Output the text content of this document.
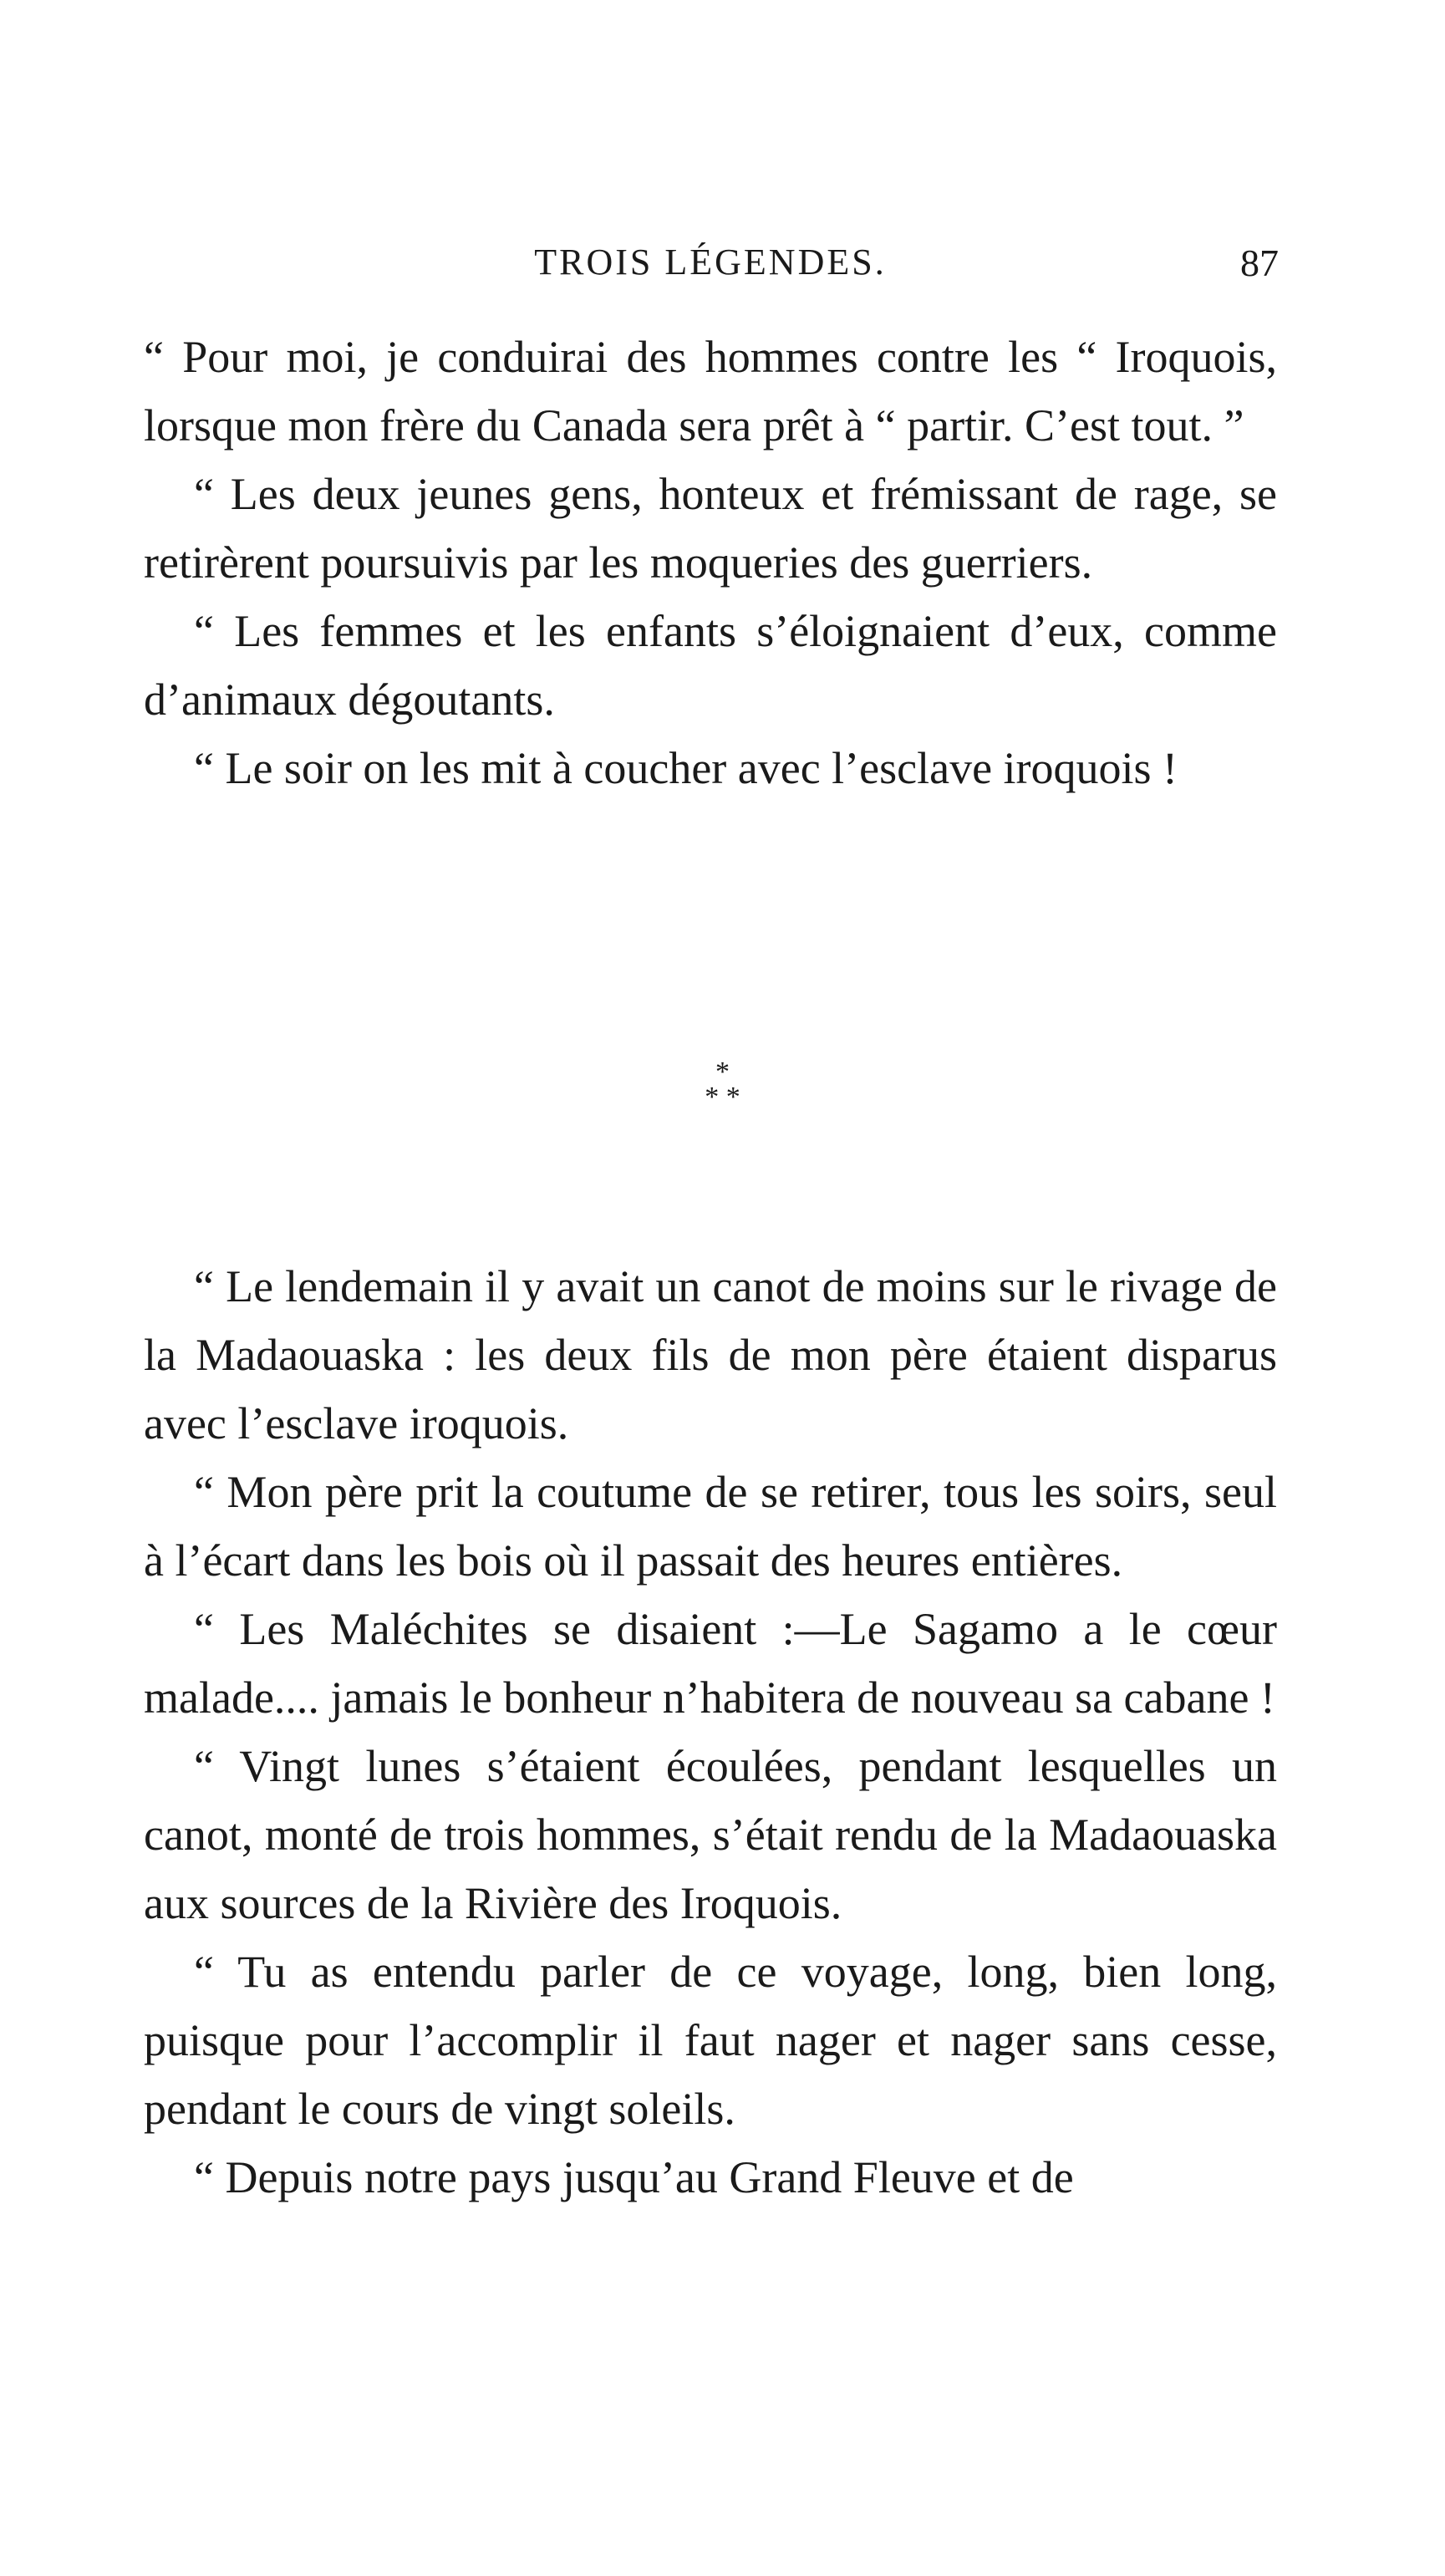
TROIS LÉGENDES.	87

“ Pour moi, je conduirai des hommes contre les “ Iroquois, lorsque mon frère du Canada sera prêt à “ partir. C’est tout. ”

“ Les deux jeunes gens, honteux et frémissant de rage, se retirèrent poursuivis par les moqueries des guerriers.

“ Les femmes et les enfants s’éloignaient d’eux, comme d’animaux dégoutants.

“ Le soir on les mit à coucher avec l’esclave iroquois !

*
* *

“ Le lendemain il y avait un canot de moins sur le rivage de la Madaouaska : les deux fils de mon père étaient disparus avec l’esclave iroquois.

“ Mon père prit la coutume de se retirer, tous les soirs, seul à l’écart dans les bois où il passait des heures entières.

“ Les Maléchites se disaient :—Le Sagamo a le cœur malade.... jamais le bonheur n’habitera de nouveau sa cabane !

“ Vingt lunes s’étaient écoulées, pendant lesquelles un canot, monté de trois hommes, s’était rendu de la Madaouaska aux sources de la Rivière des Iroquois.

“ Tu as entendu parler de ce voyage, long, bien long, puisque pour l’accomplir il faut nager et nager sans cesse, pendant le cours de vingt soleils.

“ Depuis notre pays jusqu’au Grand Fleuve et de
